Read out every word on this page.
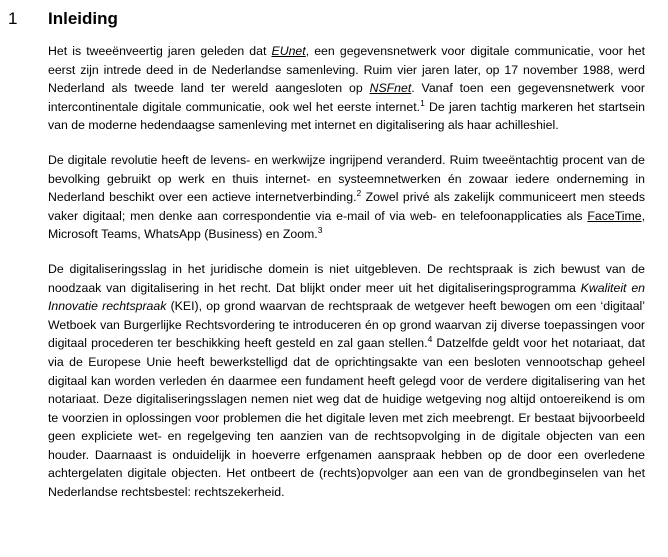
1	Inleiding

Het is tweeënveertig jaren geleden dat EUnet, een gegevensnetwerk voor digitale communicatie, voor het eerst zijn intrede deed in de Nederlandse samenleving. Ruim vier jaren later, op 17 november 1988, werd Nederland als tweede land ter wereld aangesloten op NSFnet. Vanaf toen een gegevensnetwerk voor intercontinentale digitale communicatie, ook wel het eerste internet.$^1$ De jaren tachtig markeren het startsein van de moderne hedendaagse samenleving met internet en digitalisering als haar achilleshiel.

De digitale revolutie heeft de levens- en werkwijze ingrijpend veranderd. Ruim tweeëntachtig procent van de bevolking gebruikt op werk en thuis internet- en systeemnetwerken én zowaar iedere onderneming in Nederland beschikt over een actieve internetverbinding.$^2$ Zowel privé als zakelijk communiceert men steeds vaker digitaal; men denke aan correspondentie via e-mail of via web- en telefoonapplicaties als FaceTime, Microsoft Teams, WhatsApp (Business) en Zoom.$^3$

De digitaliseringsslag in het juridische domein is niet uitgebleven. De rechtspraak is zich bewust van de noodzaak van digitalisering in het recht. Dat blijkt onder meer uit het digitaliseringsprogramma Kwaliteit en Innovatie rechtspraak (KEI), op grond waarvan de rechtspraak de wetgever heeft bewogen om een ‘digitaal’ Wetboek van Burgerlijke Rechtsvordering te introduceren én op grond waarvan zij diverse toepassingen voor digitaal procederen ter beschikking heeft gesteld en zal gaan stellen.$^4$ Datzelfde geldt voor het notariaat, dat via de Europese Unie heeft bewerkstelligd dat de oprichtingsakte van een besloten vennootschap geheel digitaal kan worden verleden én daarmee een fundament heeft gelegd voor de verdere digitalisering van het notariaat. Deze digitaliseringsslagen nemen niet weg dat de huidige wetgeving nog altijd ontoereikend is om te voorzien in oplossingen voor problemen die het digitale leven met zich meebrengt. Er bestaat bijvoorbeeld geen expliciete wet- en regelgeving ten aanzien van de rechtsopvolging in de digitale objecten van een houder. Daarnaast is onduidelijk in hoeverre erfgenamen aanspraak hebben op de door een overledene achtergelaten digitale objecten. Het ontbeert de (rechts)opvolger aan een van de grondbeginselen van het Nederlandse rechtsbestel: rechtszekerheid.
